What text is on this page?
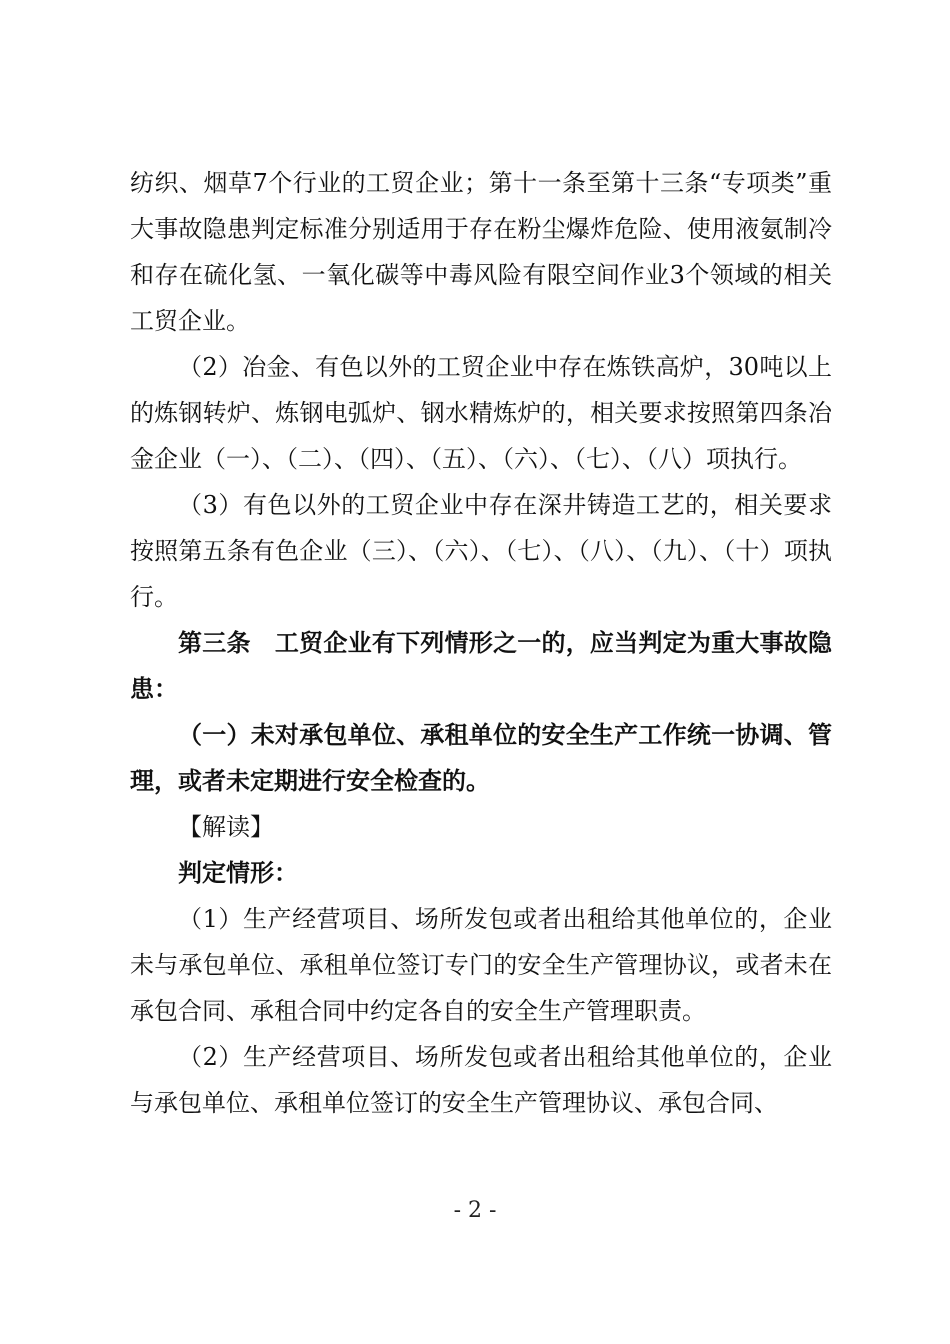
纺织、烟草7个行业的工贸企业；第十一条至第十三条“专项类”重大事故隐患判定标准分别适用于存在粉尘爆炸危险、使用液氨制冷和存在硫化氢、一氧化碳等中毒风险有限空间作业3个领域的相关工贸企业。

（2）冶金、有色以外的工贸企业中存在炼铁高炉，30吨以上的炼钢转炉、炼钢电弧炉、钢水精炼炉的，相关要求按照第四条冶金企业（一）、（二）、（四）、（五）、（六）、（七）、（八）项执行。

（3）有色以外的工贸企业中存在深井铸造工艺的，相关要求按照第五条有色企业（三）、（六）、（七）、（八）、（九）、（十）项执行。

第三条　工贸企业有下列情形之一的，应当判定为重大事故隐患：

（一）未对承包单位、承租单位的安全生产工作统一协调、管理，或者未定期进行安全检查的。

【解读】

判定情形：

（1）生产经营项目、场所发包或者出租给其他单位的，企业未与承包单位、承租单位签订专门的安全生产管理协议，或者未在承包合同、承租合同中约定各自的安全生产管理职责。

（2）生产经营项目、场所发包或者出租给其他单位的，企业与承包单位、承租单位签订的安全生产管理协议、承包合同、

- 2 -
